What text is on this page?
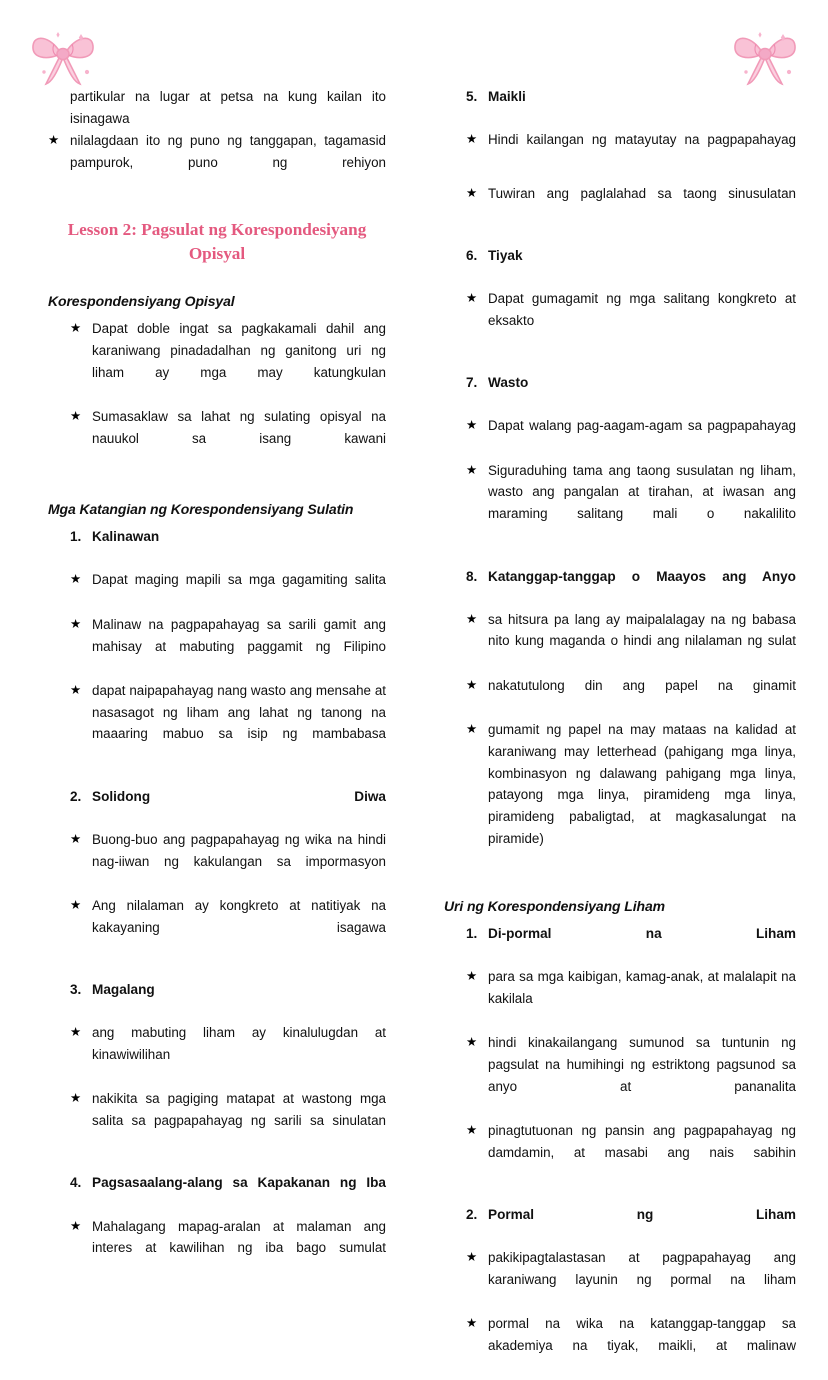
partikular na lugar at petsa na kung kailan ito isinagawa
★ nilalagdaan ito ng puno ng tanggapan, tagamasid pampurok, puno ng rehiyon
Lesson 2: Pagsulat ng Korespondesiyang Opisyal
Korespondensiyang Opisyal
★ Dapat doble ingat sa pagkakamali dahil ang karaniwang pinadadalhan ng ganitong uri ng liham ay mga may katungkulan
★ Sumasaklaw sa lahat ng sulating opisyal na nauukol sa isang kawani
Mga Katangian ng Korespondensiyang Sulatin
1. Kalinawan
★ Dapat maging mapili sa mga gagamiting salita
★ Malinaw na pagpapahayag sa sarili gamit ang mahisay at mabuting paggamit ng Filipino
★ dapat naipapahayag nang wasto ang mensahe at nasasagot ng liham ang lahat ng tanong na maaaring mabuo sa isip ng mambabasa
2. Solidong Diwa
★ Buong-buo ang pagpapahayag ng wika na hindi nag-iiwan ng kakulangan sa impormasyon
★ Ang nilalaman ay kongkreto at natitiyak na kakayaning isagawa
3. Magalang
★ ang mabuting liham ay kinalulugdan at kinawiwilihan
★ nakikita sa pagiging matapat at wastong mga salita sa pagpapahayag ng sarili sa sinulatan
4. Pagsasaalang-alang sa Kapakanan ng Iba
★ Mahalagang mapag-aralan at malaman ang interes at kawilihan ng iba bago sumulat
5. Maikli
★ Hindi kailangan ng matayutay na pagpapahayag
★ Tuwiran ang paglalahad sa taong sinusulatan
6. Tiyak
★ Dapat gumagamit ng mga salitang kongkreto at eksakto
7. Wasto
★ Dapat walang pag-aagam-agam sa pagpapahayag
★ Siguraduhing tama ang taong susulatan ng liham, wasto ang pangalan at tirahan, at iwasan ang maraming salitang mali o nakalilito
8. Katanggap-tanggap o Maayos ang Anyo
★ sa hitsura pa lang ay maipalalagay na ng babasa nito kung maganda o hindi ang nilalaman ng sulat
★ nakatutulong din ang papel na ginamit
★ gumamit ng papel na may mataas na kalidad at karaniwang may letterhead (pahigang mga linya, kombinasyon ng dalawang pahigang mga linya, patayong mga linya, piramideng mga linya, piramideng pabaligtad, at magkasalungat na piramide)
Uri ng Korespondensiyang Liham
1. Di-pormal na Liham
★ para sa mga kaibigan, kamag-anak, at malalapit na kakilala
★ hindi kinakailangang sumunod sa tuntunin ng pagsulat na humihingi ng estriktong pagsunod sa anyo at pananalita
★ pinagtutuonan ng pansin ang pagpapahayag ng damdamin, at masabi ang nais sabihin
2. Pormal ng Liham
★ pakikipagtalastasan at pagpapahayag ang karaniwang layunin ng pormal na liham
★ pormal na wika na katanggap-tanggap sa akademiya na tiyak, maikli, at malinaw
